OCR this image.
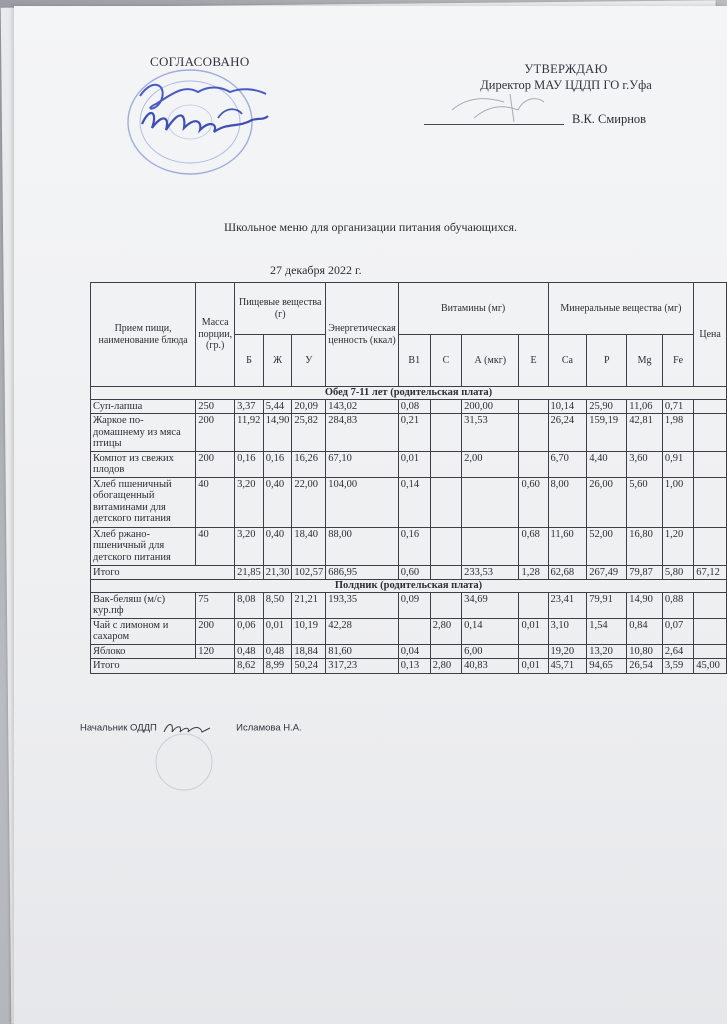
СОГЛАСОВАНО	УТВЕРЖДАЮ
Директор МАУ ЦДДП ГО г.Уфа
В.К. Смирнов
Школьное меню для организации питания обучающихся.
27 декабря 2022 г.
Прием пищи, наименование блюда	Масса порции, (гр.)	Пищевые вещества (г)			Энергетическая ценность (ккал)	Витамины (мг)				Минеральные вещества (мг)				Цена
		Б	Ж	У		B1	C	А (мкг)	E	Ca	P	Mg	Fe	
Обед 7-11 лет (родительская плата)														
Суп-лапша	250	3,37	5,44	20,09	143,02	0,08		200,00		10,14	25,90	11,06	0,71	
Жаркое по-домашнему из мяса птицы	200	11,92	14,90	25,82	284,83	0,21		31,53		26,24	159,19	42,81	1,98	
Компот из свежих плодов	200	0,16	0,16	16,26	67,10	0,01		2,00		6,70	4,40	3,60	0,91	
Хлеб пшеничный обогащенный витаминами для детского питания	40	3,20	0,40	22,00	104,00	0,14			0,60	8,00	26,00	5,60	1,00	
Хлеб ржано-пшеничный для детского питания	40	3,20	0,40	18,40	88,00	0,16			0,68	11,60	52,00	16,80	1,20	
Итого		21,85	21,30	102,57	686,95	0,60		233,53	1,28	62,68	267,49	79,87	5,80	67,12
Полдник (родительская плата)														
Вак-беляш (м/с) кур.пф	75	8,08	8,50	21,21	193,35	0,09		34,69		23,41	79,91	14,90	0,88	
Чай с лимоном и сахаром	200	0,06	0,01	10,19	42,28		2,80	0,14	0,01	3,10	1,54	0,84	0,07	
Яблоко	120	0,48	0,48	18,84	81,60	0,04		6,00		19,20	13,20	10,80	2,64	
Итого		8,62	8,99	50,24	317,23	0,13	2,80	40,83	0,01	45,71	94,65	26,54	3,59	45,00
Начальник ОДДП	Исламова Н.А.
